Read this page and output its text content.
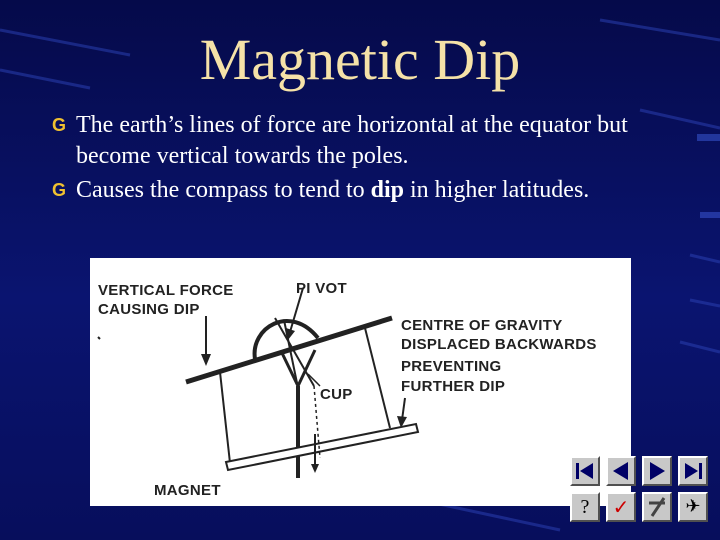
Magnetic Dip
G The earth’s lines of force are horizontal at the equator but become vertical towards the poles.
G Causes the compass to tend to dip in higher latitudes.
VERTICAL FORCE
CAUSING DIP
PI VOT
CENTRE OF GRAVITY
DISPLACED BACKWARDS
PREVENTING
FURTHER DIP
CUP
MAGNET
?	✓	✈
